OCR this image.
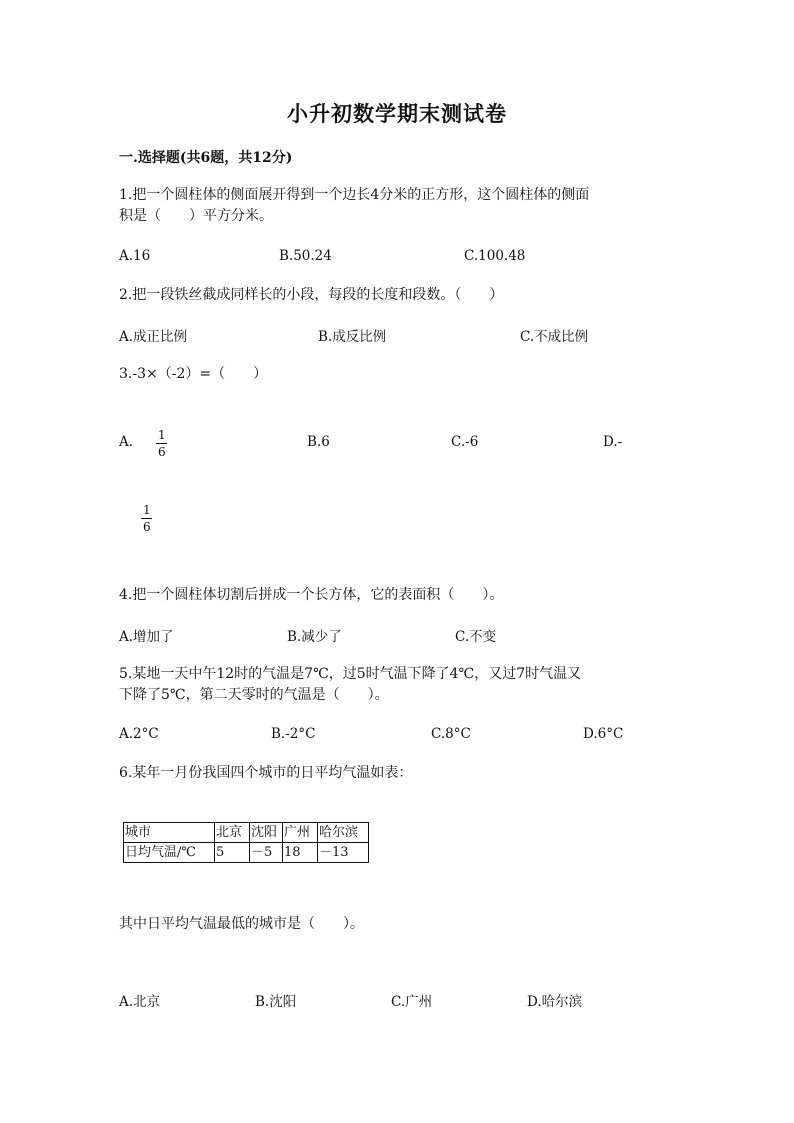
小升初数学期末测试卷
一.选择题(共6题，共12分)
1.把一个圆柱体的侧面展开得到一个边长4分米的正方形，这个圆柱体的侧面
积是（　　）平方分米。
A.16	B.50.24	C.100.48
2.把一段铁丝截成同样长的小段，每段的长度和段数。（　　）
A.成正比例	B.成反比例	C.不成比例
3.-3×（-2）=（　　）
A. 1
6
B.6	C.-6	D.-
1
6
4.把一个圆柱体切割后拼成一个长方体，它的表面积（　　）。
A.增加了	B.减少了	C.不变
5.某地一天中午12时的气温是7℃，过5时气温下降了4℃，又过7时气温又
下降了5℃，第二天零时的气温是（　　）。
A.2°C	B.-2°C	C.8°C	D.6°C
6.某年一月份我国四个城市的日平均气温如表：
城市	北京	沈阳	广州	哈尔滨
日均气温/℃	5	－5	18	－13
其中日平均气温最低的城市是（　　）。
A.北京	B.沈阳	C.广州	D.哈尔滨
